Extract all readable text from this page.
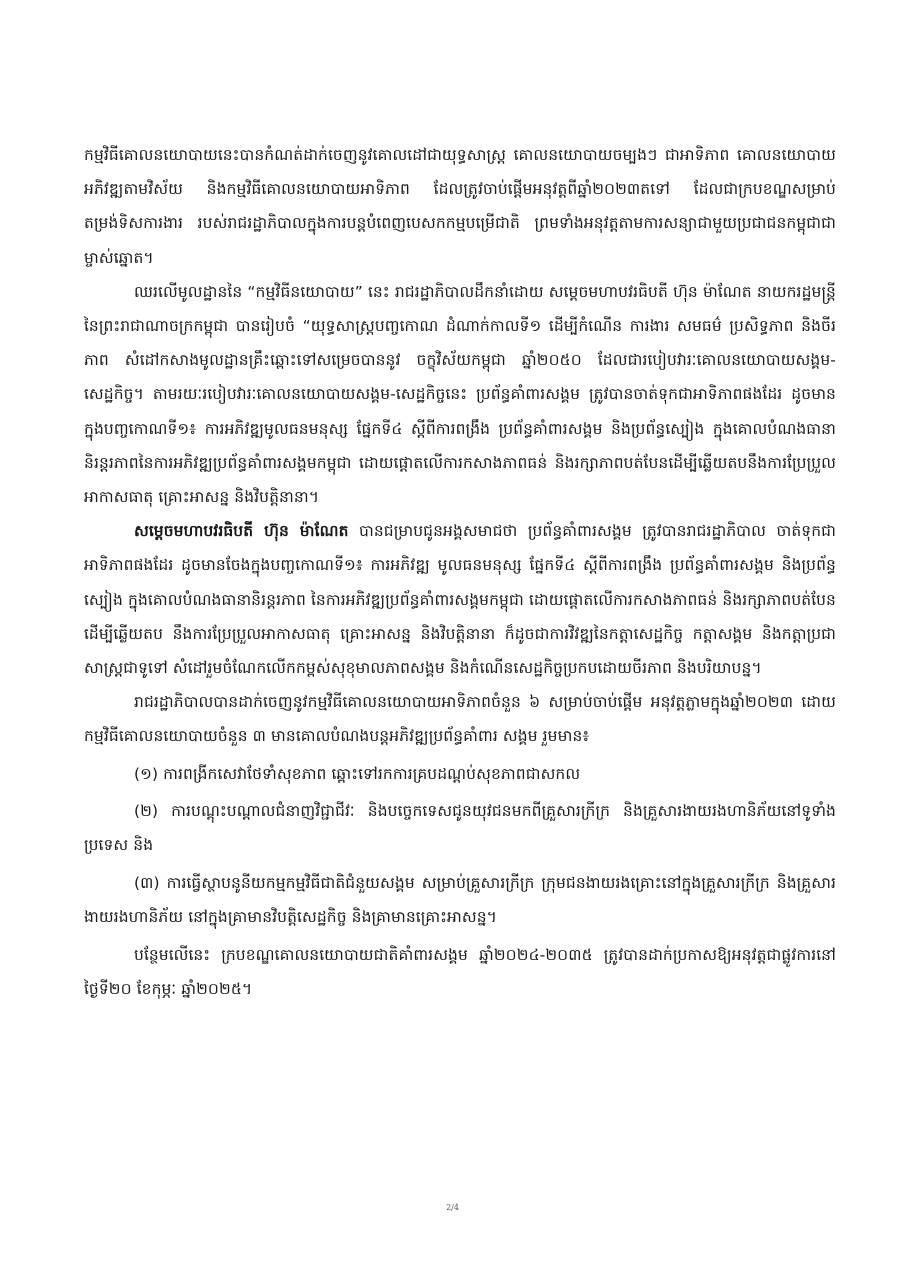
កម្មវិធីគោលនយោបាយនេះបានកំណត់ដាក់ចេញនូវគោលដៅជាយុទ្ធសាស្ត្រ គោលនយោបាយចម្បងៗ ជាអាទិភាព គោលនយោបាយអភិវឌ្ឍតាមវិស័យ និងកម្មវិធីគោលនយោបាយអាទិភាព ដែលត្រូវចាប់ផ្តើមអនុវត្តពីឆ្នាំ២០២៣តទៅ ដែលជាក្របខណ្ឌសម្រាប់តម្រង់ទិសការងារ របស់រាជរដ្ឋាភិបាលក្នុងការបន្តបំពេញបេសកកម្មបម្រើជាតិ ព្រមទាំងអនុវត្តតាមការសន្យាជាមួយប្រជាជនកម្ពុជាជាម្ចាស់ឆ្នោត។

ឈរលើមូលដ្ឋាននៃ “កម្មវិធីនយោបាយ” នេះ រាជរដ្ឋាភិបាលដឹកនាំដោយ សម្តេចមហាបវរធិបតី ហ៊ុន ម៉ាណែត នាយករដ្ឋមន្ត្រី នៃព្រះរាជាណាចក្រកម្ពុជា បានរៀបចំ “យុទ្ធសាស្ត្របញ្ចកោណ ដំណាក់កាលទី១ ដើម្បីកំណើន ការងារ សមធម៌ ប្រសិទ្ធភាព និងចីរភាព សំដៅកសាងមូលដ្ឋានគ្រឹះឆ្ពោះទៅសម្រេចបាននូវ ចក្ខុវិស័យកម្ពុជា ឆ្នាំ២០៥០ ដែលជារបៀបវារៈគោលនយោបាយសង្គម-សេដ្ឋកិច្ច។ តាមរយៈរបៀបវារៈគោលនយោបាយសង្គម-សេដ្ឋកិច្ចនេះ ប្រព័ន្ធគាំពារសង្គម ត្រូវបានចាត់ទុកជាអាទិភាពផងដែរ ដូចមានក្នុងបញ្ចកោណទី១៖ ការអភិវឌ្ឍមូលធនមនុស្ស ផ្នែកទី៤ ស្តីពីការពង្រឹង ប្រព័ន្ធគាំពារសង្គម និងប្រព័ន្ធស្បៀង ក្នុងគោលបំណងធានានិរន្តរភាពនៃការអភិវឌ្ឍប្រព័ន្ធគាំពារសង្គមកម្ពុជា ដោយផ្តោតលើការកសាងភាពធន់ និងរក្សាភាពបត់បែនដើម្បីឆ្លើយតបនឹងការប្រែប្រួលអាកាសធាតុ គ្រោះអាសន្ន និងវិបត្តិនានា។

សម្តេចមហាបវរធិបតី ហ៊ុន ម៉ាណែត បានជម្រាបជូនអង្គសមាជថា ប្រព័ន្ធគាំពារសង្គម ត្រូវបានរាជរដ្ឋាភិបាល ចាត់ទុកជាអាទិភាពផងដែរ ដូចមានចែងក្នុងបញ្ចកោណទី១៖ ការអភិវឌ្ឍ មូលធនមនុស្ស ផ្នែកទី៤ ស្តីពីការពង្រឹង ប្រព័ន្ធគាំពារសង្គម និងប្រព័ន្ធស្បៀង ក្នុងគោលបំណងធានានិរន្តរភាព នៃការអភិវឌ្ឍប្រព័ន្ធគាំពារសង្គមកម្ពុជា ដោយផ្តោតលើការកសាងភាពធន់ និងរក្សាភាពបត់បែនដើម្បីឆ្លើយតប នឹងការប្រែប្រួលអាកាសធាតុ គ្រោះអាសន្ន និងវិបត្តិនានា ក៏ដូចជាការវិវឌ្ឍនៃកត្តាសេដ្ឋកិច្ច កត្តាសង្គម និងកត្តាប្រជាសាស្ត្រជាទូទៅ សំដៅរួមចំណែកលើកកម្ពស់សុខុមាលភាពសង្គម និងកំណើនសេដ្ឋកិច្ចប្រកបដោយចីរភាព និងបរិយាបន្ន។

រាជរដ្ឋាភិបាលបានដាក់ចេញនូវកម្មវិធីគោលនយោបាយអាទិភាពចំនួន ៦ សម្រាប់ចាប់ផ្តើម អនុវត្តភ្លាមក្នុងឆ្នាំ២០២៣ ដោយកម្មវិធីគោលនយោបាយចំនួន ៣ មានគោលបំណងបន្តអភិវឌ្ឍប្រព័ន្ធគាំពារ សង្គម រួមមាន៖

(១) ការពង្រីកសេវាថែទាំសុខភាព ឆ្ពោះទៅរកការគ្របដណ្តប់សុខភាពជាសកល

(២) ការបណ្តុះបណ្តាលជំនាញវិជ្ជាជីវៈ និងបច្ចេកទេសជូនយុវជនមកពីគ្រួសារក្រីក្រ និងគ្រួសារងាយរងហានិភ័យនៅទូទាំងប្រទេស និង

(៣) ការធ្វើស្ថាបនូនីយកម្មកម្មវិធីជាតិជំនួយសង្គម សម្រាប់គ្រួសារក្រីក្រ ក្រុមជនងាយរងគ្រោះនៅក្នុងគ្រួសារក្រីក្រ និងគ្រួសារងាយរងហានិភ័យ នៅក្នុងគ្រាមានវិបត្តិសេដ្ឋកិច្ច និងគ្រាមានគ្រោះអាសន្ន។

បន្ថែមលើនេះ ក្របខណ្ឌគោលនយោបាយជាតិគាំពារសង្គម ឆ្នាំ២០២៤-២០៣៥ ត្រូវបានដាក់ប្រកាសឱ្យអនុវត្តជាផ្លូវការនៅថ្ងៃទី២០ ខែកុម្ភៈ ឆ្នាំ២០២៥។

2/4
